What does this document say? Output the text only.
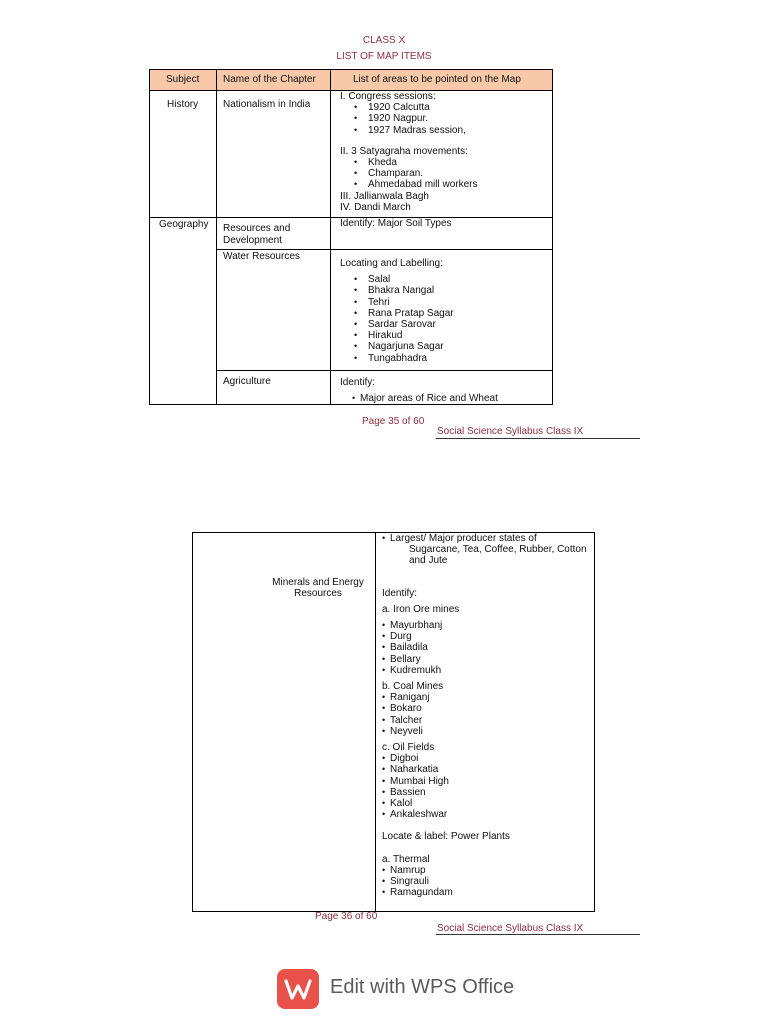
CLASS X
LIST OF MAP ITEMS
Subject Name of the Chapter	List of areas to be pointed on the Map
History Nationalism in India
I. Congress sessions:
• 1920 Calcutta
• 1920 Nagpur.
• 1927 Madras session,
II. 3 Satyagraha movements:
• Kheda
• Champaran.
• Ahmedabad mill workers
III. Jallianwala Bagh
IV. Dandi March
Geography Resources and Development
Identify: Major Soil Types
Water Resources
Locating and Labelling:
• Salal
• Bhakra Nangal
• Tehri
• Rana Pratap Sagar
• Sardar Sarovar
• Hirakud
• Nagarjuna Sagar
• Tungabhadra
Agriculture	Identify:
• Major areas of Rice and Wheat
Page 35 of 60
Social Science Syllabus Class IX
Minerals and Energy Resources
• Largest/ Major producer states of
Sugarcane, Tea, Coffee, Rubber, Cotton
and Jute
Identify:
a. Iron Ore mines
• Mayurbhanj
• Durg
• Bailadila
• Bellary
• Kudremukh
b. Coal Mines
• Raniganj
• Bokaro
• Talcher
• Neyveli
c. Oil Fields
• Digboi
• Naharkatia
• Mumbai High
• Bassien
• Kalol
• Ankaleshwar
Locate & label: Power Plants
a. Thermal
• Namrup
• Singrauli
• Ramagundam
Page 36 of 60
Social Science Syllabus Class IX
Edit with WPS Office
